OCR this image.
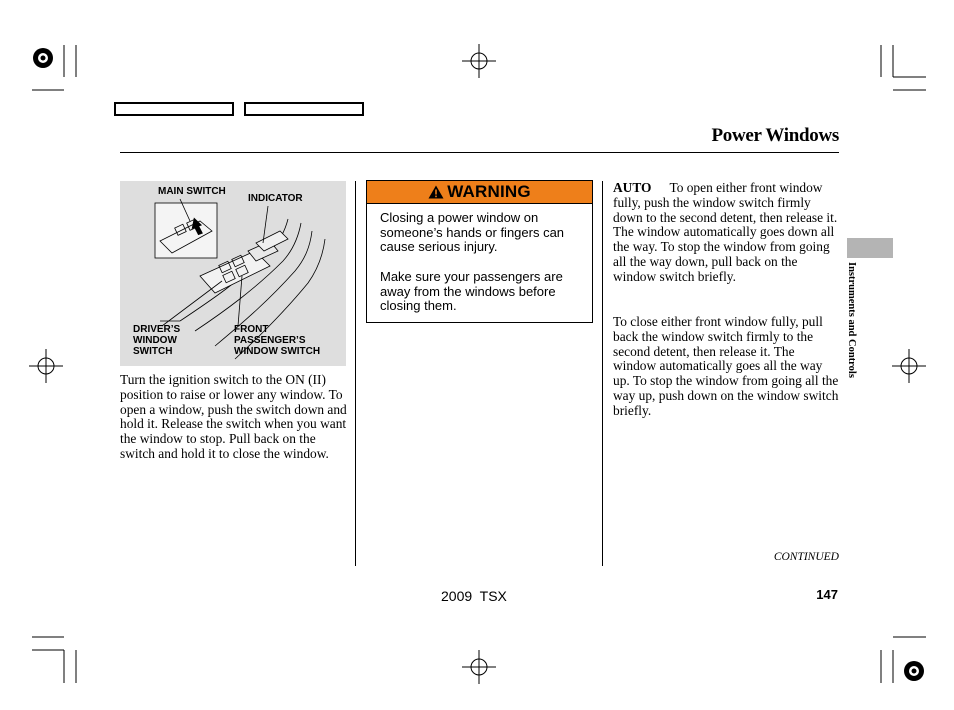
Power Windows
MAIN SWITCH
INDICATOR
DRIVER’S
WINDOW
SWITCH
FRONT
PASSENGER’S
WINDOW SWITCH
Turn the ignition switch to the ON (II) position to raise or lower any window. To open a window, push the switch down and hold it. Release the switch when you want the window to stop. Pull back on the switch and hold it to close the window.
WARNING
Closing a power window on someone’s hands or fingers can cause serious injury.
Make sure your passengers are away from the windows before closing them.
AUTO To open either front window fully, push the window switch firmly down to the second detent, then release it. The window automatically goes down all the way. To stop the window from going all the way down, pull back on the window switch briefly.
To close either front window fully, pull back the window switch firmly to the second detent, then release it. The window automatically goes all the way up. To stop the window from going all the way up, push down on the window switch briefly.
Instruments and Controls
CONTINUED
2009  TSX	147
